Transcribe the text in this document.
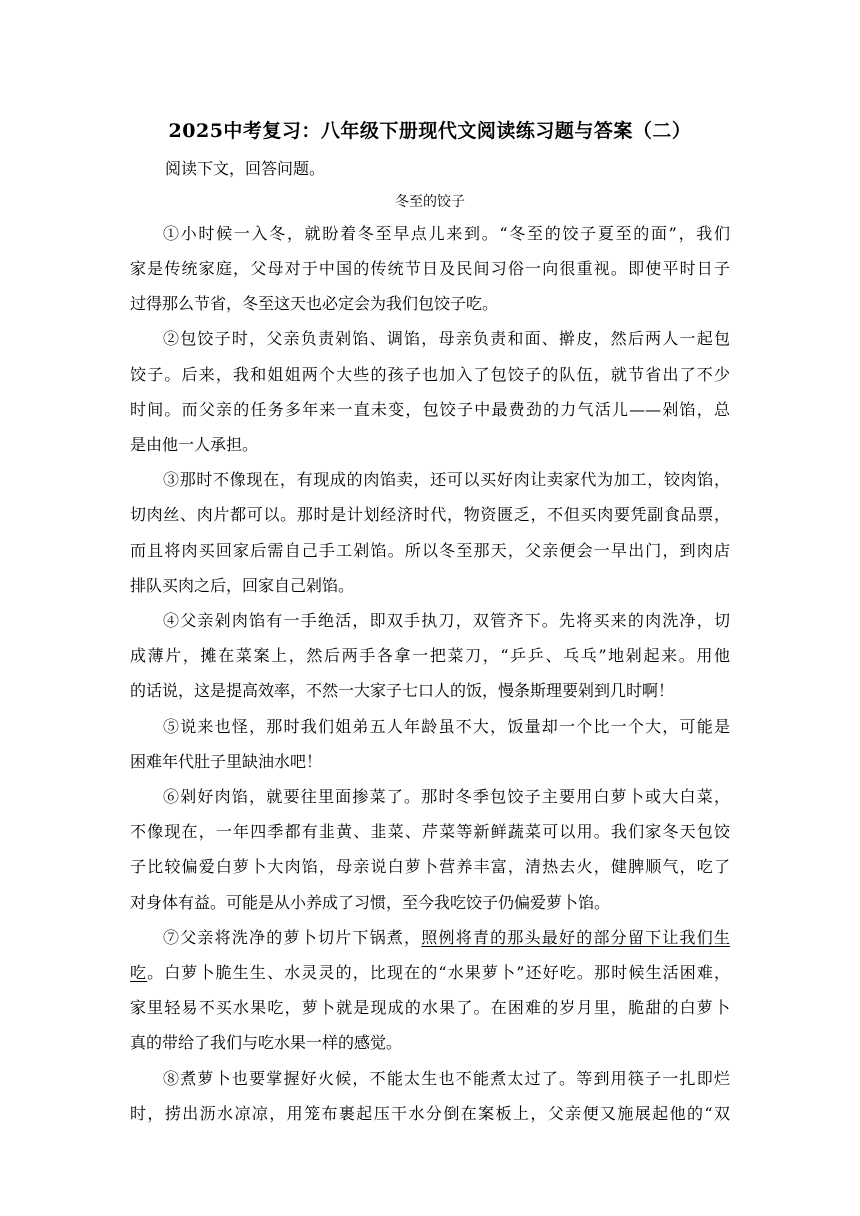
2025中考复习：八年级下册现代文阅读练习题与答案（二）
阅读下文，回答问题。
冬至的饺子
①小时候一入冬，就盼着冬至早点儿来到。“冬至的饺子夏至的面”，我们
家是传统家庭，父母对于中国的传统节日及民间习俗一向很重视。即使平时日子
过得那么节省，冬至这天也必定会为我们包饺子吃。
②包饺子时，父亲负责剁馅、调馅，母亲负责和面、擀皮，然后两人一起包
饺子。后来，我和姐姐两个大些的孩子也加入了包饺子的队伍，就节省出了不少
时间。而父亲的任务多年来一直未变，包饺子中最费劲的力气活儿——剁馅，总
是由他一人承担。
③那时不像现在，有现成的肉馅卖，还可以买好肉让卖家代为加工，铰肉馅，
切肉丝、肉片都可以。那时是计划经济时代，物资匮乏，不但买肉要凭副食品票，
而且将肉买回家后需自己手工剁馅。所以冬至那天，父亲便会一早出门，到肉店
排队买肉之后，回家自己剁馅。
④父亲剁肉馅有一手绝活，即双手执刀，双管齐下。先将买来的肉洗净，切
成薄片，摊在菜案上，然后两手各拿一把菜刀，“乒乒、乓乓”地剁起来。用他
的话说，这是提高效率，不然一大家子七口人的饭，慢条斯理要剁到几时啊！
⑤说来也怪，那时我们姐弟五人年龄虽不大，饭量却一个比一个大，可能是
困难年代肚子里缺油水吧！
⑥剁好肉馅，就要往里面掺菜了。那时冬季包饺子主要用白萝卜或大白菜，
不像现在，一年四季都有韭黄、韭菜、芹菜等新鲜蔬菜可以用。我们家冬天包饺
子比较偏爱白萝卜大肉馅，母亲说白萝卜营养丰富，清热去火，健脾顺气，吃了
对身体有益。可能是从小养成了习惯，至今我吃饺子仍偏爱萝卜馅。
⑦父亲将洗净的萝卜切片下锅煮，照例将青的那头最好的部分留下让我们生
吃。白萝卜脆生生、水灵灵的，比现在的“水果萝卜”还好吃。那时候生活困难，
家里轻易不买水果吃，萝卜就是现成的水果了。在困难的岁月里，脆甜的白萝卜
真的带给了我们与吃水果一样的感觉。
⑧煮萝卜也要掌握好火候，不能太生也不能煮太过了。等到用筷子一扎即烂
时，捞出沥水凉凉，用笼布裹起压干水分倒在案板上，父亲便又施展起他的“双
